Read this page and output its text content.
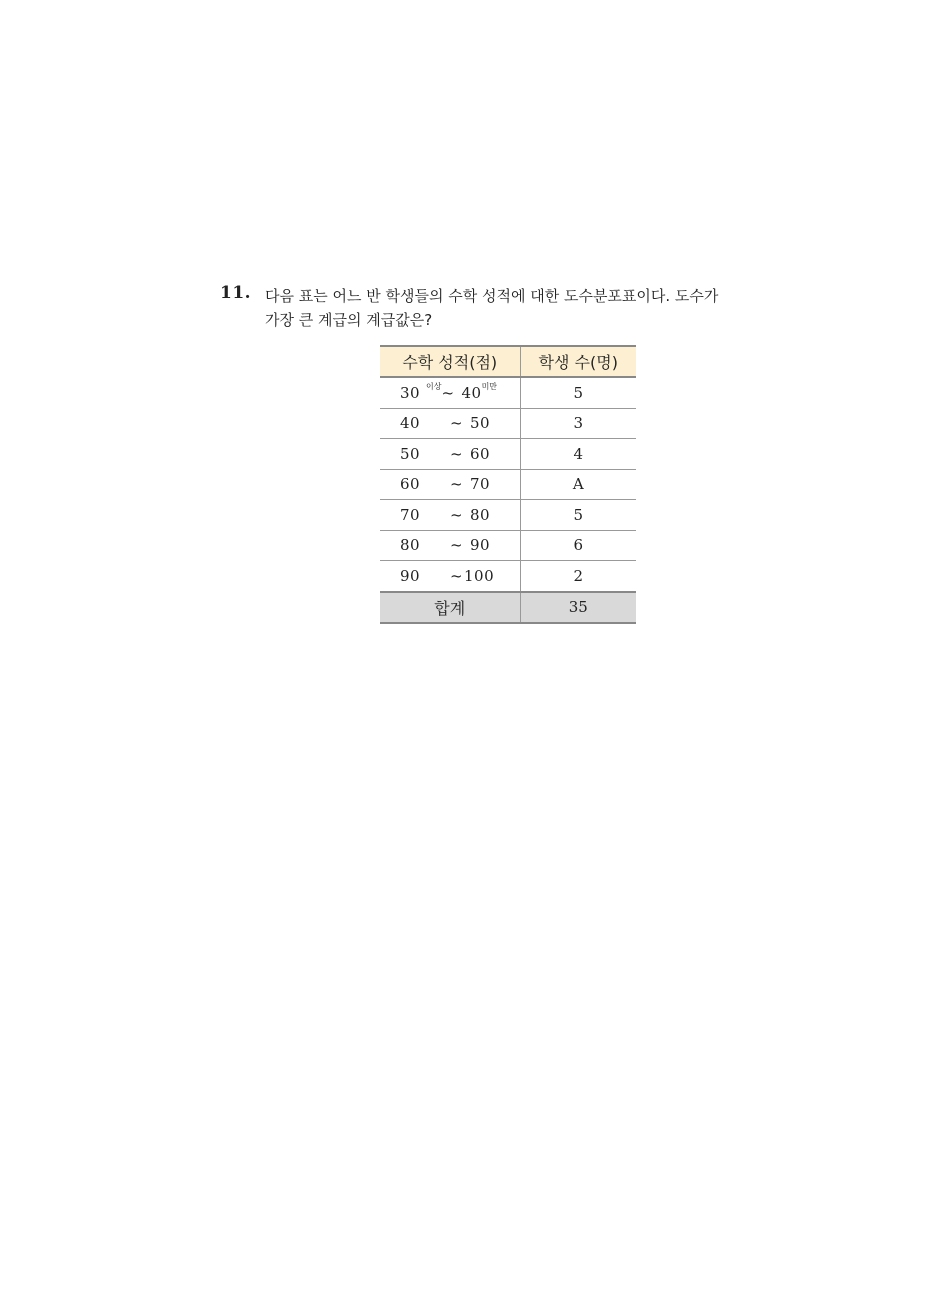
11. 다음 표는 어느 반 학생들의 수학 성적에 대한 도수분포표이다. 도수가
가장 큰 계급의 계급값은?
수학 성적(점)	학생 수(명)
30 $^{이상}$~ $40^{미만}$	5
40 ~ 50	3
50 ~ 60	4
60 ~ 70	A
70 ~ 80	5
80 ~ 90	6
90 ~100	2
합계	35
